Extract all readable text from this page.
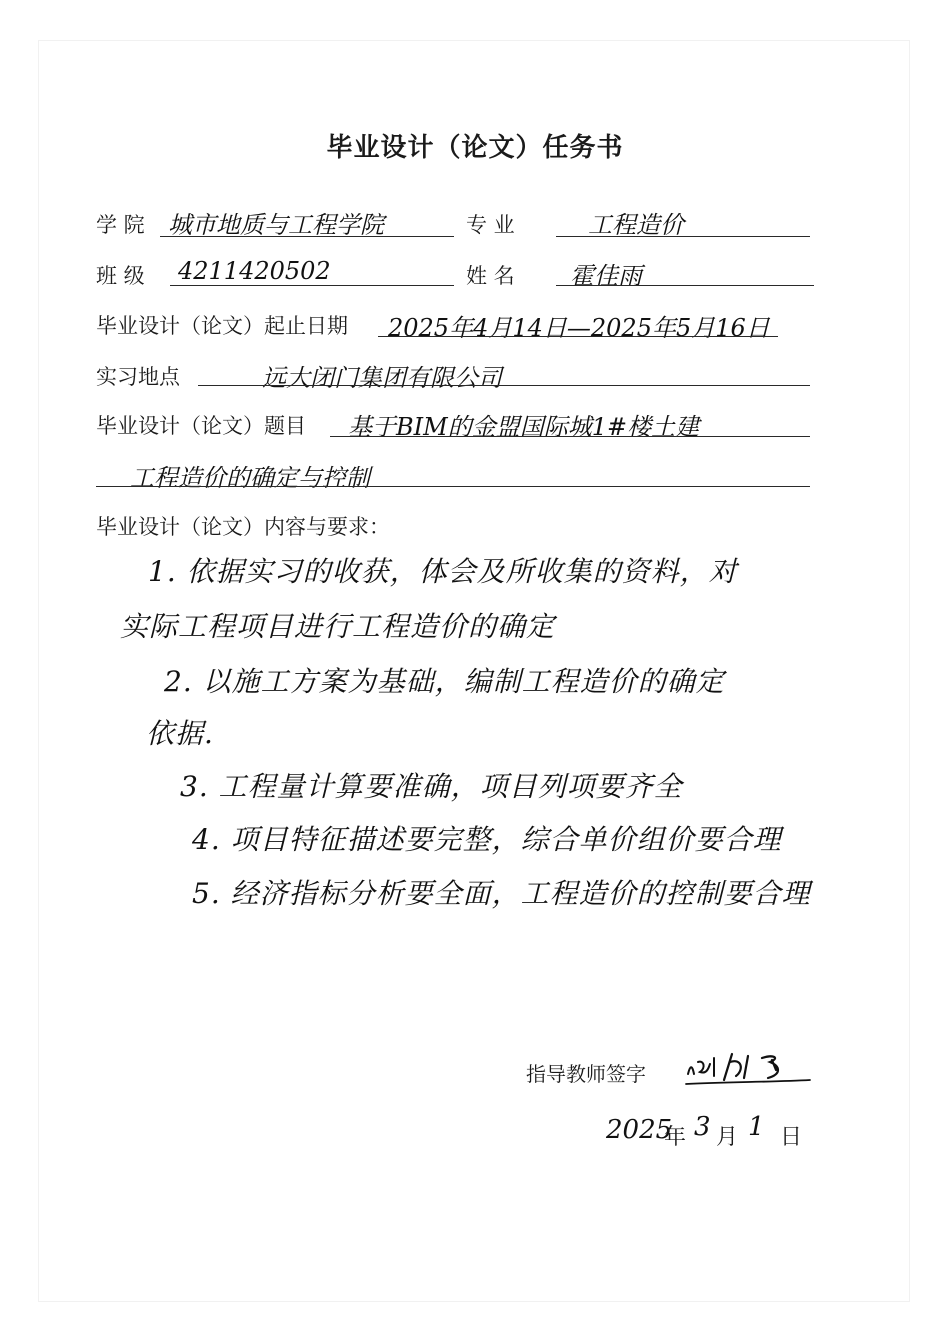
毕业设计（论文）任务书
学 院 城市地质与工程学院	专 业	工程造价
班 级 4211420502	姓 名 霍佳雨
毕业设计（论文）起止日期 2025年4月14日—2025年5月16日
实习地点	远大闭门集团有限公司
毕业设计（论文）题目 基于BIM的金盟国际城1#楼土建
工程造价的确定与控制
毕业设计（论文）内容与要求：
1. 依据实习的收获，体会及所收集的资料，对
实际工程项目进行工程造价的确定
2. 以施工方案为基础，编制工程造价的确定
依据.
3. 工程量计算要准确，项目列项要齐全
4. 项目特征描述要完整，综合单价组价要合理
5. 经济指标分析要全面，工程造价的控制要合理
指导教师签字
2025
年 3 月 1 日
